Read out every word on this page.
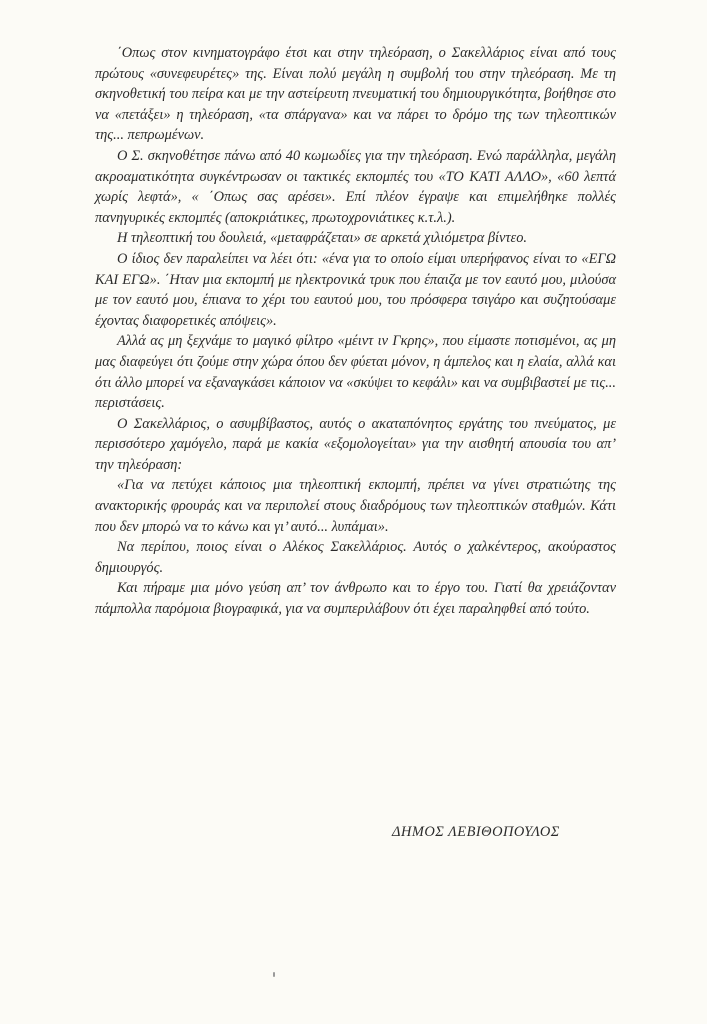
΄Οπως στον κινηματογράφο έτσι και στην τηλεόραση, ο Σακελλάριος είναι από τους πρώτους «συνεφευρέτες» της. Είναι πολύ μεγάλη η συμβολή του στην τηλεόραση. Με τη σκηνοθετική του πείρα και με την αστείρευτη πνευματική του δημιουργικότητα, βοήθησε στο να «πετάξει» η τηλεόραση, «τα σπάργανα» και να πάρει το δρόμο της των τηλεοπτικών της... πεπρωμένων.

Ο Σ. σκηνοθέτησε πάνω από 40 κωμωδίες για την τηλεόραση. Ενώ παράλληλα, μεγάλη ακροαματικότητα συγκέντρωσαν οι τακτικές εκπομπές του «ΤΟ ΚΑΤΙ ΑΛΛΟ», «60 λεπτά χωρίς λεφτά», « ΄Οπως σας αρέσει». Επί πλέον έγραψε και επιμελήθηκε πολλές πανηγυρικές εκπομπές (αποκριάτικες, πρωτοχρονιάτικες κ.τ.λ.).

Η τηλεοπτική του δουλειά, «μεταφράζεται» σε αρκετά χιλιόμετρα βίντεο.

Ο ίδιος δεν παραλείπει να λέει ότι: «ένα για το οποίο είμαι υπερήφανος είναι το «ΕΓΩ ΚΑΙ ΕΓΩ». ΄Ηταν μια εκπομπή με ηλεκτρονικά τρυκ που έπαιζα με τον εαυτό μου, μιλούσα με τον εαυτό μου, έπιανα το χέρι του εαυτού μου, του πρόσφερα τσιγάρο και συζητούσαμε έχοντας διαφορετικές απόψεις».

Αλλά ας μη ξεχνάμε το μαγικό φίλτρο «μέιντ ιν Γκρης», που είμαστε ποτισμένοι, ας μη μας διαφεύγει ότι ζούμε στην χώρα όπου δεν φύεται μόνον, η άμπελος και η ελαία, αλλά και ότι άλλο μπορεί να εξαναγκάσει κάποιον να «σκύψει το κεφάλι» και να συμβιβαστεί με τις... περιστάσεις.

Ο Σακελλάριος, ο ασυμβίβαστος, αυτός ο ακαταπόνητος εργάτης του πνεύματος, με περισσότερο χαμόγελο, παρά με κακία «εξομολογείται» για την αισθητή απουσία του απ’ την τηλεόραση:

«Για να πετύχει κάποιος μια τηλεοπτική εκπομπή, πρέπει να γίνει στρατιώτης της ανακτορικής φρουράς και να περιπολεί στους διαδρόμους των τηλεοπτικών σταθμών. Κάτι που δεν μπορώ να το κάνω και γι’ αυτό... λυπάμαι».

Να περίπου, ποιος είναι ο Αλέκος Σακελλάριος. Αυτός ο χαλκέντερος, ακούραστος δημιουργός.

Και πήραμε μια μόνο γεύση απ’ τον άνθρωπο και το έργο του. Γιατί θα χρειάζονταν πάμπολλα παρόμοια βιογραφικά, για να συμπεριλάβουν ότι έχει παραληφθεί από τούτο.

ΔΗΜΟΣ ΛΕΒΙΘΟΠΟΥΛΟΣ
